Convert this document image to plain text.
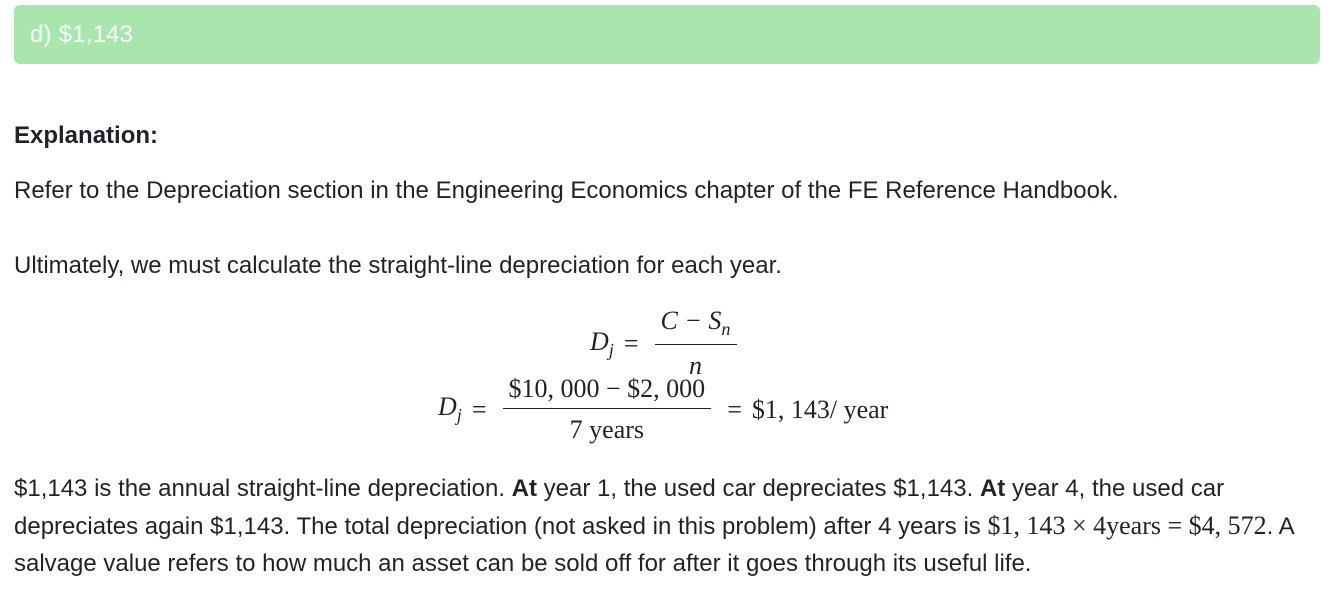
d) $1,143
Explanation:
Refer to the Depreciation section in the Engineering Economics chapter of the FE Reference Handbook.
Ultimately, we must calculate the straight-line depreciation for each year.
$D_j = \frac{C - S_n}{n}$
$D_j = \frac{\$10, 000 - \$2, 000}{\text{7 years}}$ = $1, 143/ year
$1,143 is the annual straight-line depreciation. At year 1, the used car depreciates $1,143. At year 4, the used car depreciates again $1,143. The total depreciation (not asked in this problem) after 4 years is $1, 143 × 4years = $4, 572. A salvage value refers to how much an asset can be sold off for after it goes through its useful life.
